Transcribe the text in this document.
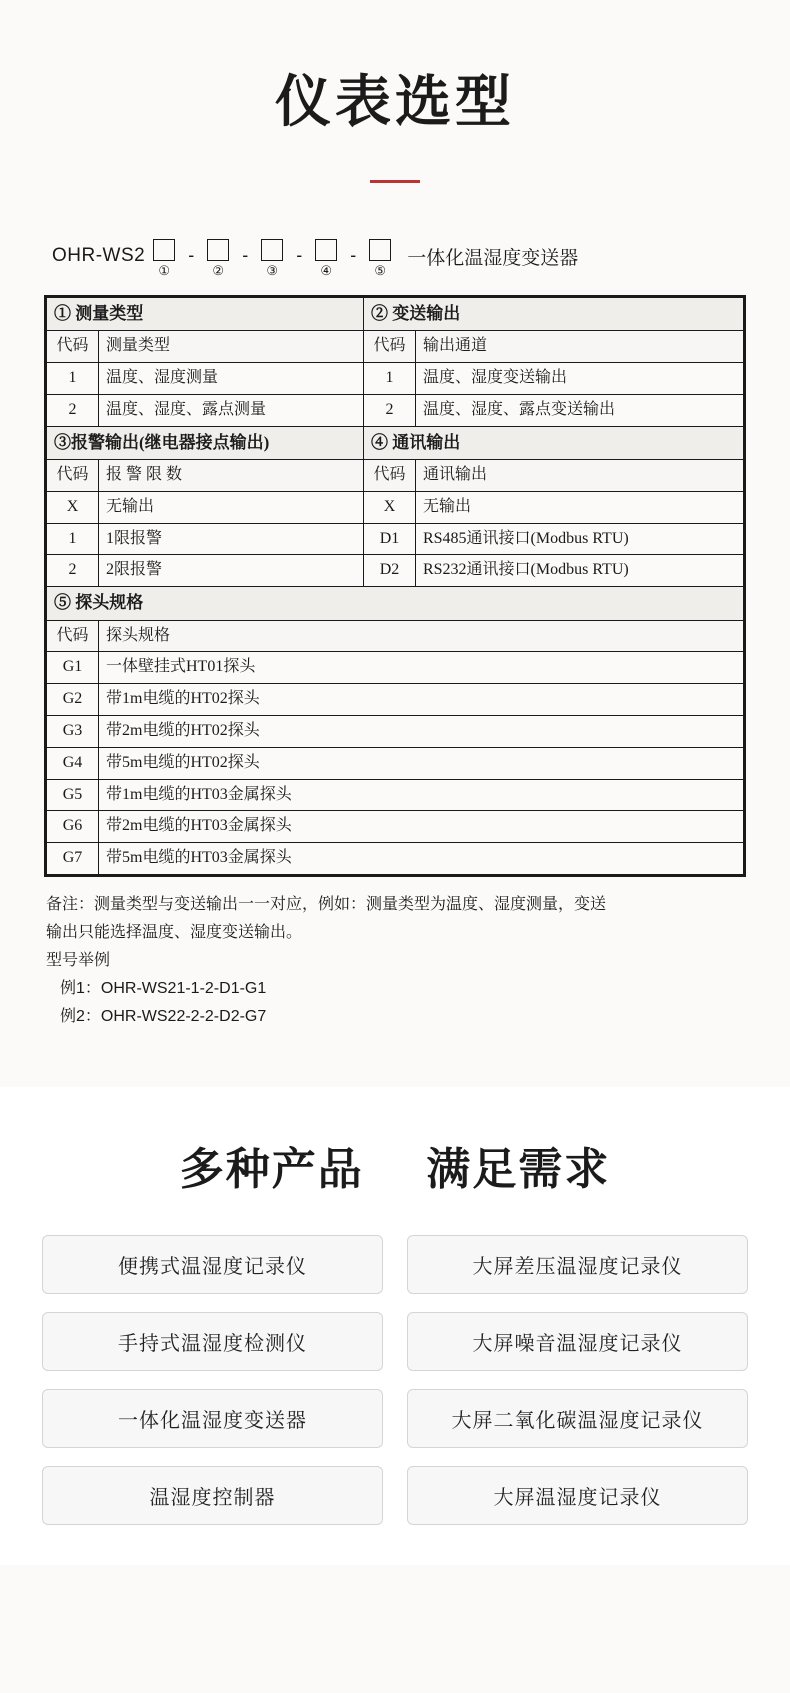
仪表选型
OHR-WS2
①
-
②
-
③
-
④
-
⑤
一体化温湿度变送器
① 测量类型		② 变送输出	
代码	测量类型	代码	输出通道
1	温度、湿度测量	1	温度、湿度变送输出
2	温度、湿度、露点测量	2	温度、湿度、露点变送输出
③报警输出(继电器接点输出)		④ 通讯输出	
代码	报 警 限 数	代码	通讯输出
X	无输出	X	无输出
1	1限报警	D1	RS485通讯接口(Modbus RTU)
2	2限报警	D2	RS232通讯接口(Modbus RTU)
⑤ 探头规格			
代码	探头规格		
G1	一体壁挂式HT01探头		
G2	带1m电缆的HT02探头		
G3	带2m电缆的HT02探头		
G4	带5m电缆的HT02探头		
G5	带1m电缆的HT03金属探头		
G6	带2m电缆的HT03金属探头		
G7	带5m电缆的HT03金属探头		

备注：测量类型与变送输出一一对应，例如：测量类型为温度、湿度测量，变送

输出只能选择温度、湿度变送输出。

型号举例

例1：OHR-WS21-1-2-D1-G1

例2：OHR-WS22-2-2-D2-G7

多种产品 满足需求
便携式温湿度记录仪	大屏差压温湿度记录仪
手持式温湿度检测仪	大屏噪音温湿度记录仪
一体化温湿度变送器	大屏二氧化碳温湿度记录仪
温湿度控制器	大屏温湿度记录仪
